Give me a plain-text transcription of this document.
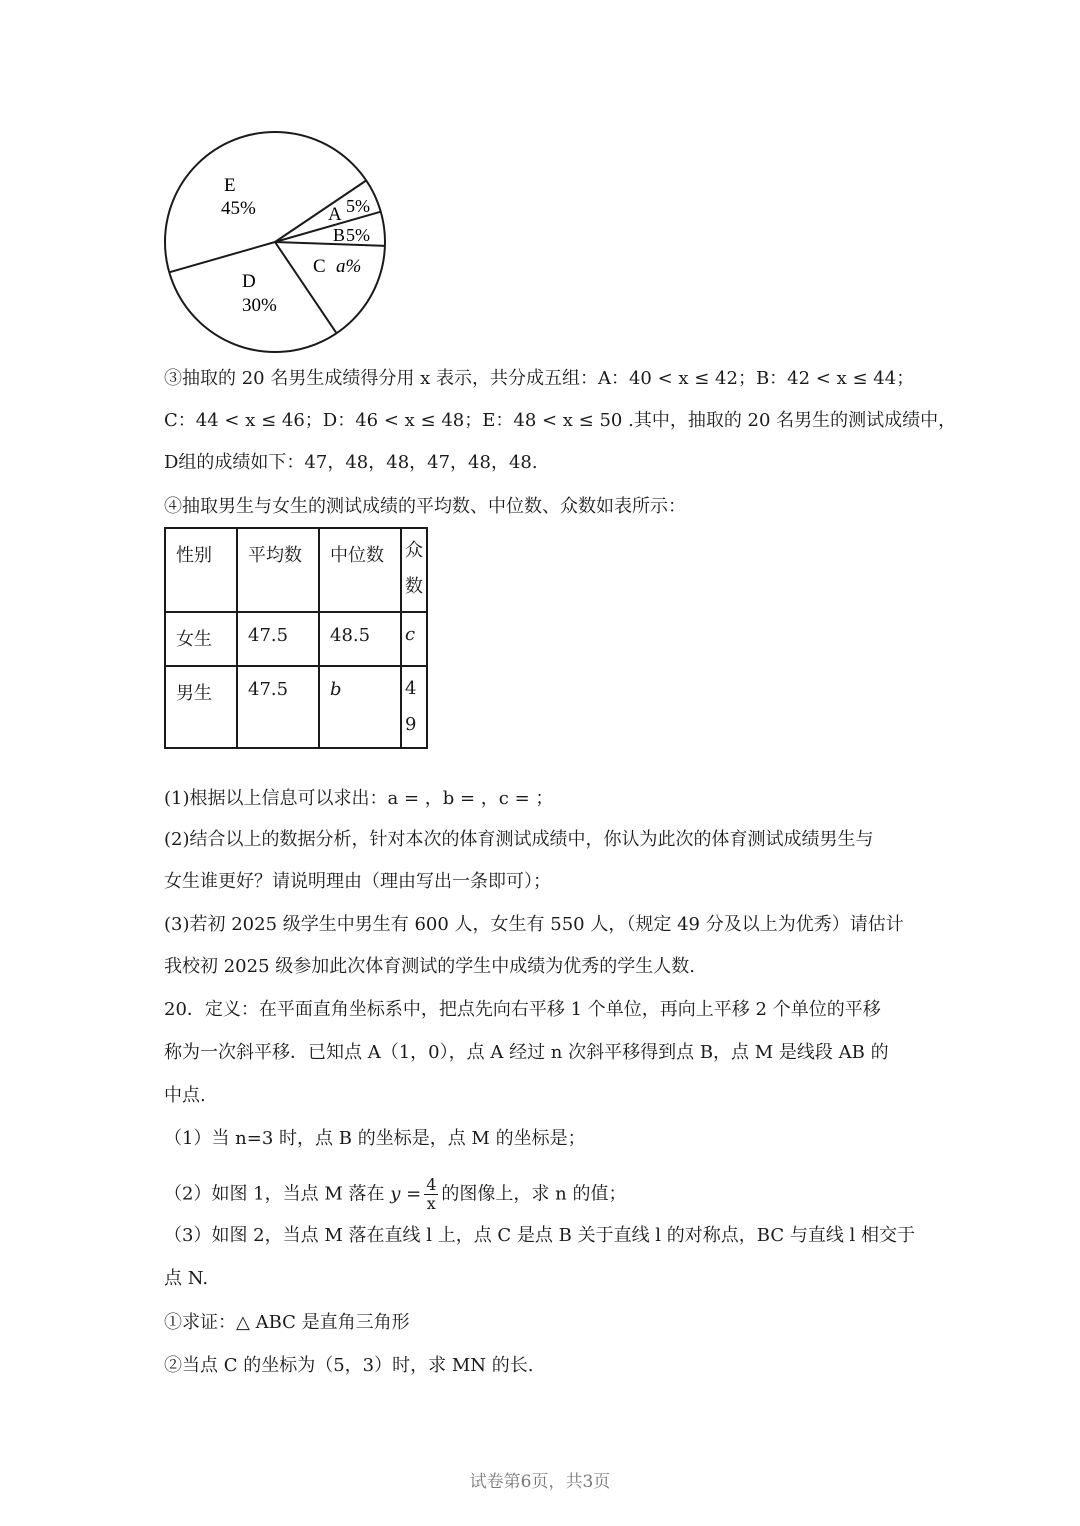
E
45%	A 5%
B 5%
C a%
D
30%
③抽取的 20 名男生成绩得分用 x 表示，共分成五组：A：40 < x ≤ 42；B：42 < x ≤ 44；
C：44 < x ≤ 46；D：46 < x ≤ 48；E：48 < x ≤ 50 .其中，抽取的 20 名男生的测试成绩中，
D组的成绩如下：47，48，48，47，48，48.
④抽取男生与女生的测试成绩的平均数、中位数、众数如表所示：
性别	平均数	中位数	众
数
女生	47.5	48.5	c
男生	47.5	b	4
9
(1)根据以上信息可以求出：a = ，b = ，c = ；
(2)结合以上的数据分析，针对本次的体育测试成绩中，你认为此次的体育测试成绩男生与
女生谁更好？请说明理由（理由写出一条即可）；
(3)若初 2025 级学生中男生有 600 人，女生有 550 人，（规定 49 分及以上为优秀）请估计
我校初 2025 级参加此次体育测试的学生中成绩为优秀的学生人数.
20．定义：在平面直角坐标系中，把点先向右平移 1 个单位，再向上平移 2 个单位的平移
称为一次斜平移．已知点 A（1，0），点 A 经过 n 次斜平移得到点 B，点 M 是线段 AB 的
中点.
（1）当 n=3 时，点 B 的坐标是，点 M 的坐标是；
（2）如图 1，当点 M 落在 $y = \frac{4}{x}$ 的图像上，求 n 的值；
（3）如图 2，当点 M 落在直线 l 上，点 C 是点 B 关于直线 l 的对称点，BC 与直线 l 相交于
点 N.
①求证：△ ABC 是直角三角形
②当点 C 的坐标为（5，3）时，求 MN 的长.
试卷第6页，共3页
